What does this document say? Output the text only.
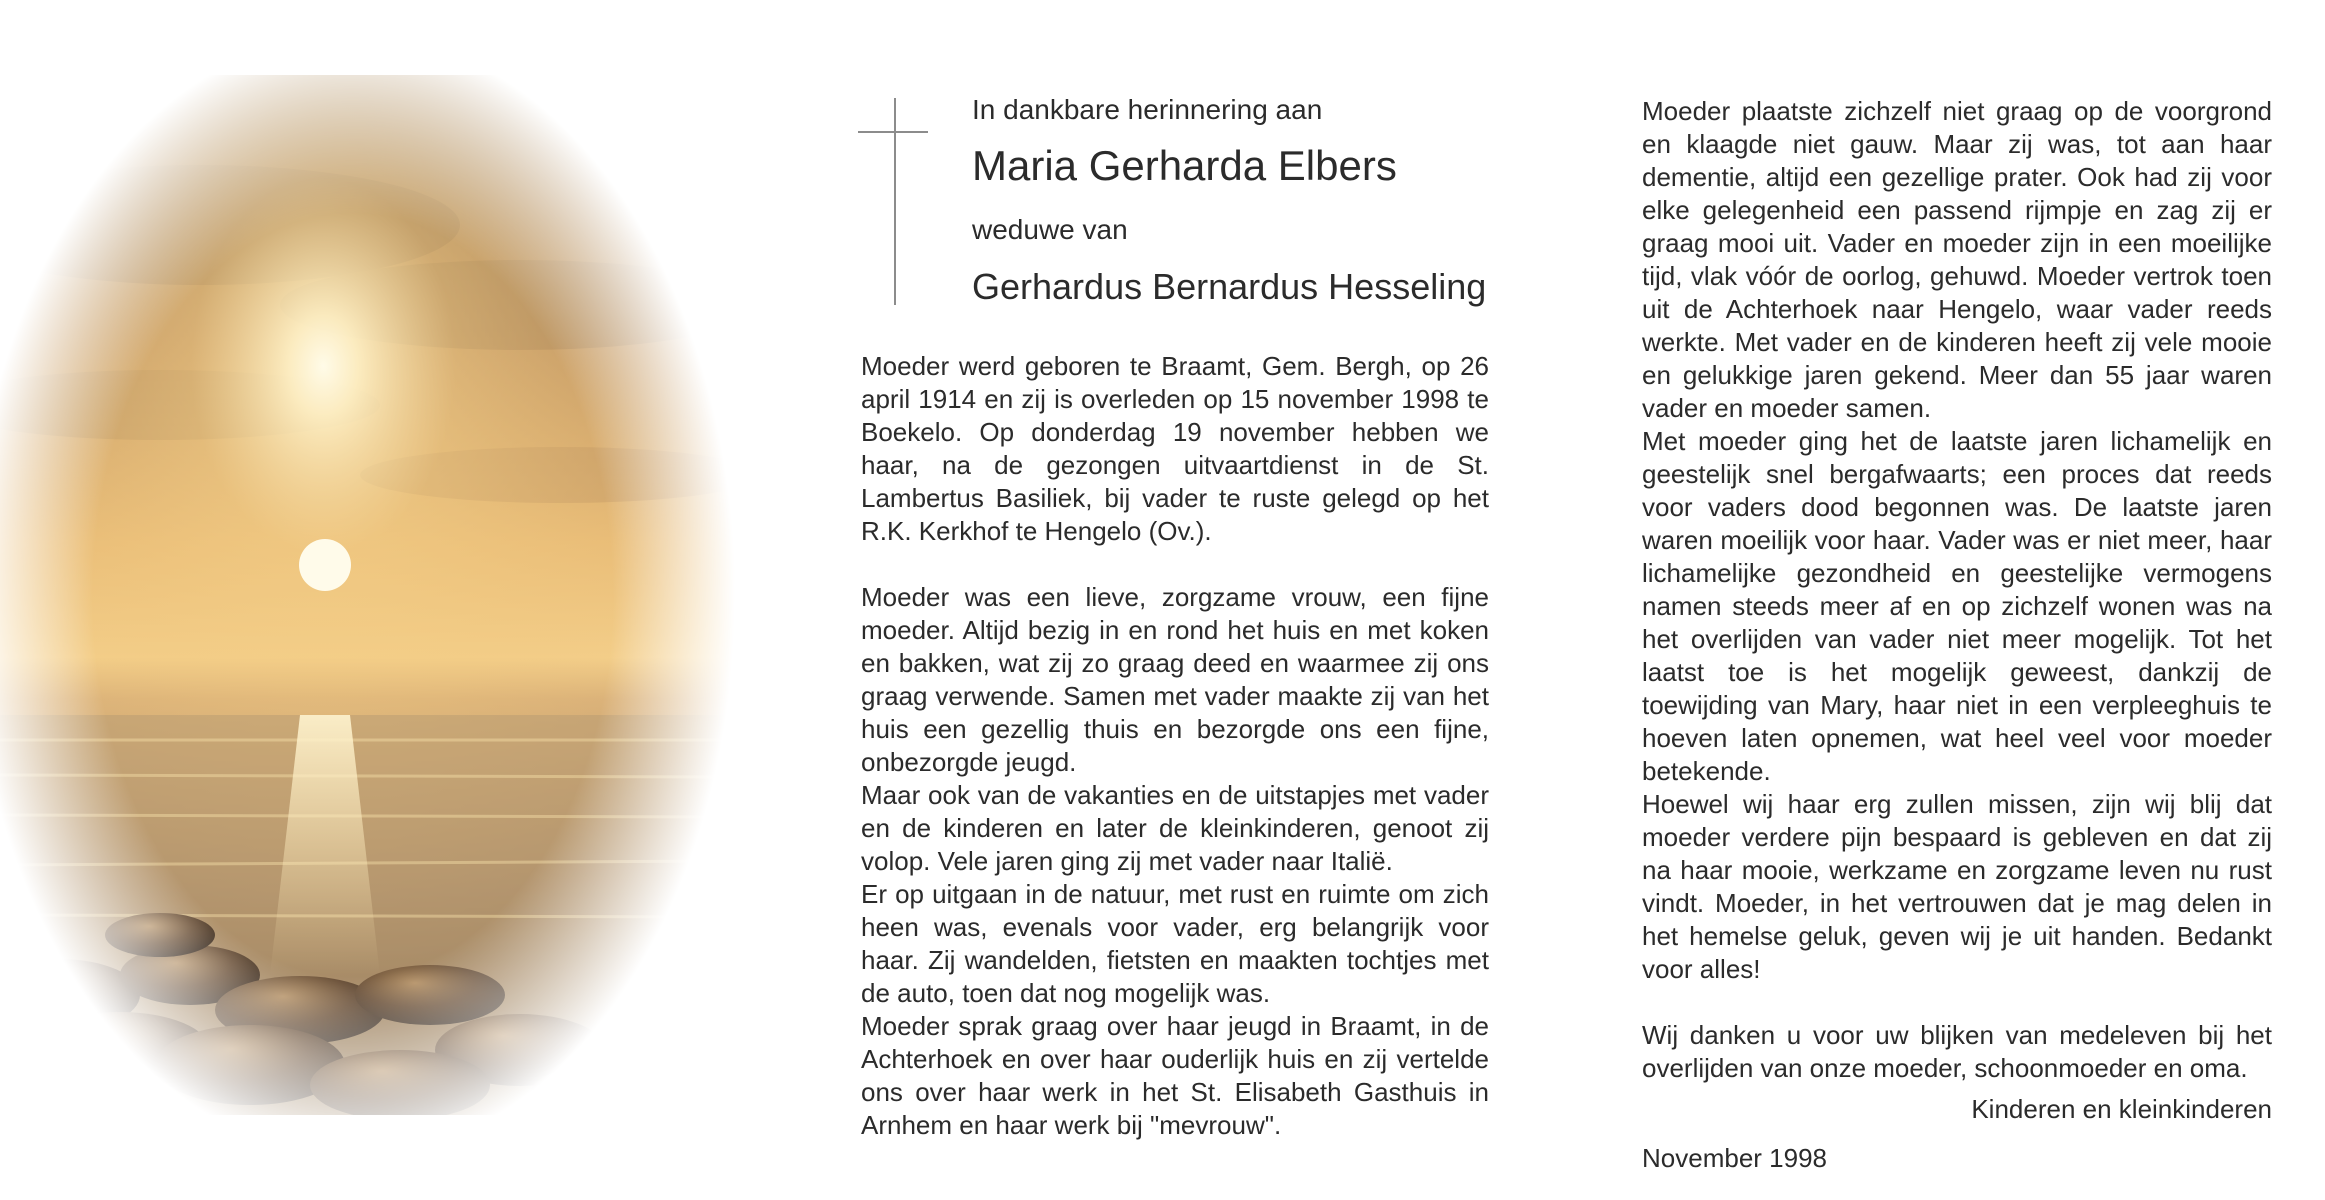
In dankbare herinnering aan

Maria Gerharda Elbers

weduwe van

Gerhardus Bernardus Hesseling

Moeder werd geboren te Braamt, Gem. Bergh, op 26 april 1914 en zij is overleden op 15 november 1998 te Boekelo. Op donderdag 19 november hebben we haar, na de gezongen uitvaartdienst in de St. Lambertus Basiliek, bij vader te ruste gelegd op het R.K. Kerkhof te Hengelo (Ov.).

Moeder was een lieve, zorgzame vrouw, een fijne moeder. Altijd bezig in en rond het huis en met koken en bakken, wat zij zo graag deed en waarmee zij ons graag verwende. Samen met vader maakte zij van het huis een gezellig thuis en bezorgde ons een fijne, onbezorgde jeugd.

Maar ook van de vakanties en de uitstapjes met vader en de kinderen en later de kleinkinderen, genoot zij volop. Vele jaren ging zij met vader naar Italië.

Er op uitgaan in de natuur, met rust en ruimte om zich heen was, evenals voor vader, erg belangrijk voor haar. Zij wandelden, fietsten en maakten tochtjes met de auto, toen dat nog mogelijk was.

Moeder sprak graag over haar jeugd in Braamt, in de Achterhoek en over haar ouderlijk huis en zij vertelde ons over haar werk in het St. Elisabeth Gasthuis in Arnhem en haar werk bij "mevrouw".

Moeder plaatste zichzelf niet graag op de voorgrond en klaagde niet gauw. Maar zij was, tot aan haar dementie, altijd een gezellige prater. Ook had zij voor elke gelegenheid een passend rijmpje en zag zij er graag mooi uit. Vader en moeder zijn in een moeilijke tijd, vlak vóór de oorlog, gehuwd. Moeder vertrok toen uit de Achterhoek naar Hengelo, waar vader reeds werkte. Met vader en de kinderen heeft zij vele mooie en gelukkige jaren gekend. Meer dan 55 jaar waren vader en moeder samen.

Met moeder ging het de laatste jaren lichamelijk en geestelijk snel bergafwaarts; een proces dat reeds voor vaders dood begonnen was. De laatste jaren waren moeilijk voor haar. Vader was er niet meer, haar lichamelijke gezondheid en geestelijke vermogens namen steeds meer af en op zichzelf wonen was na het overlijden van vader niet meer mogelijk. Tot het laatst toe is het mogelijk geweest, dankzij de toewijding van Mary, haar niet in een verpleeghuis te hoeven laten opnemen, wat heel veel voor moeder betekende.

Hoewel wij haar erg zullen missen, zijn wij blij dat moeder verdere pijn bespaard is gebleven en dat zij na haar mooie, werkzame en zorgzame leven nu rust vindt. Moeder, in het vertrouwen dat je mag delen in het hemelse geluk, geven wij je uit handen. Bedankt voor alles!

Wij danken u voor uw blijken van medeleven bij het overlijden van onze moeder, schoonmoeder en oma.

Kinderen en kleinkinderen

November 1998
